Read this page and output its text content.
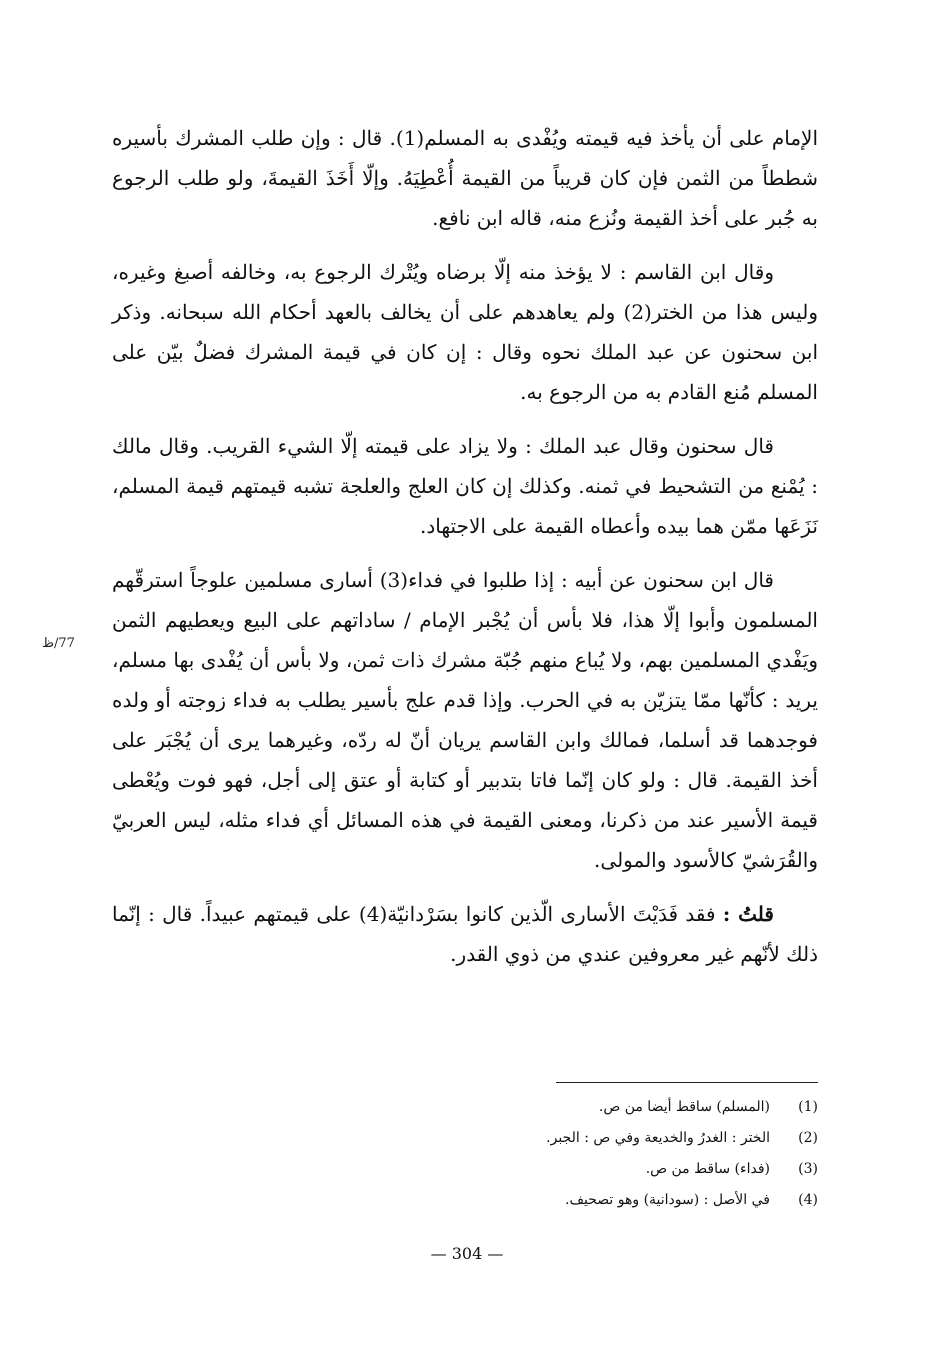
الإمام على أن يأخذ فيه قيمته ويُفْدى به المسلم(1). قال : وإن طلب المشرك بأسيره شططاً من الثمن فإن كان قريباً من القيمة أُعْطِيَهُ. وإلّا أَخَذَ القيمةَ، ولو طلب الرجوع به جُبر على أخذ القيمة ونُزع منه، قاله ابن نافع.

وقال ابن القاسم : لا يؤخذ منه إلّا برضاه ويُتْرك الرجوع به، وخالفه أصبغ وغيره، وليس هذا من الختر(2) ولم يعاهدهم على أن يخالف بالعهد أحكام الله سبحانه. وذكر ابن سحنون عن عبد الملك نحوه وقال : إن كان في قيمة المشرك فضلٌ بيّن على المسلم مُنع القادم به من الرجوع به.

قال سحنون وقال عبد الملك : ولا يزاد على قيمته إلّا الشيء القريب. وقال مالك : يُمْنع من التشحيط في ثمنه. وكذلك إن كان العلج والعلجة تشبه قيمتهم قيمة المسلم، نَزَعَها ممّن هما بيده وأعطاه القيمة على الاجتهاد.

قال ابن سحنون عن أبيه : إذا طلبوا في فداء(3) أسارى مسلمين علوجاً استرقّهم المسلمون وأبوا إلّا هذا، فلا بأس أن يُجْبر الإمام / ساداتهم على البيع ويعطيهم الثمن ويَفْدي المسلمين بهم، ولا يُباع منهم جُبّة مشرك ذات ثمن، ولا بأس أن يُفْدى بها مسلم، يريد : كأنّها ممّا يتزيّن به في الحرب. وإذا قدم علج بأسير يطلب به فداء زوجته أو ولده فوجدهما قد أسلما، فمالك وابن القاسم يريان أنّ له ردّه، وغيرهما يرى أن يُجْبَر على أخذ القيمة. قال : ولو كان إنّما فاتا بتدبير أو كتابة أو عتق إلى أجل، فهو فوت ويُعْطى قيمة الأسير عند من ذكرنا، ومعنى القيمة في هذه المسائل أي فداء مثله، ليس العربيّ والقُرَشيّ كالأسود والمولى.

قلتُ : فقد فَدَيْتَ الأسارى الّذين كانوا بسَرْدانيّة(4) على قيمتهم عبيداً. قال : إنّما ذلك لأنّهم غير معروفين عندي من ذوي القدر.

77/ظ
(1)
(المسلم) ساقط أيضا من ص.
(2)
الختر : الغدرُ والخديعة وفي ص : الجبر.
(3)
(فداء) ساقط من ص.
(4)
في الأصل : (سودانية) وهو تصحيف.
— 304 —
